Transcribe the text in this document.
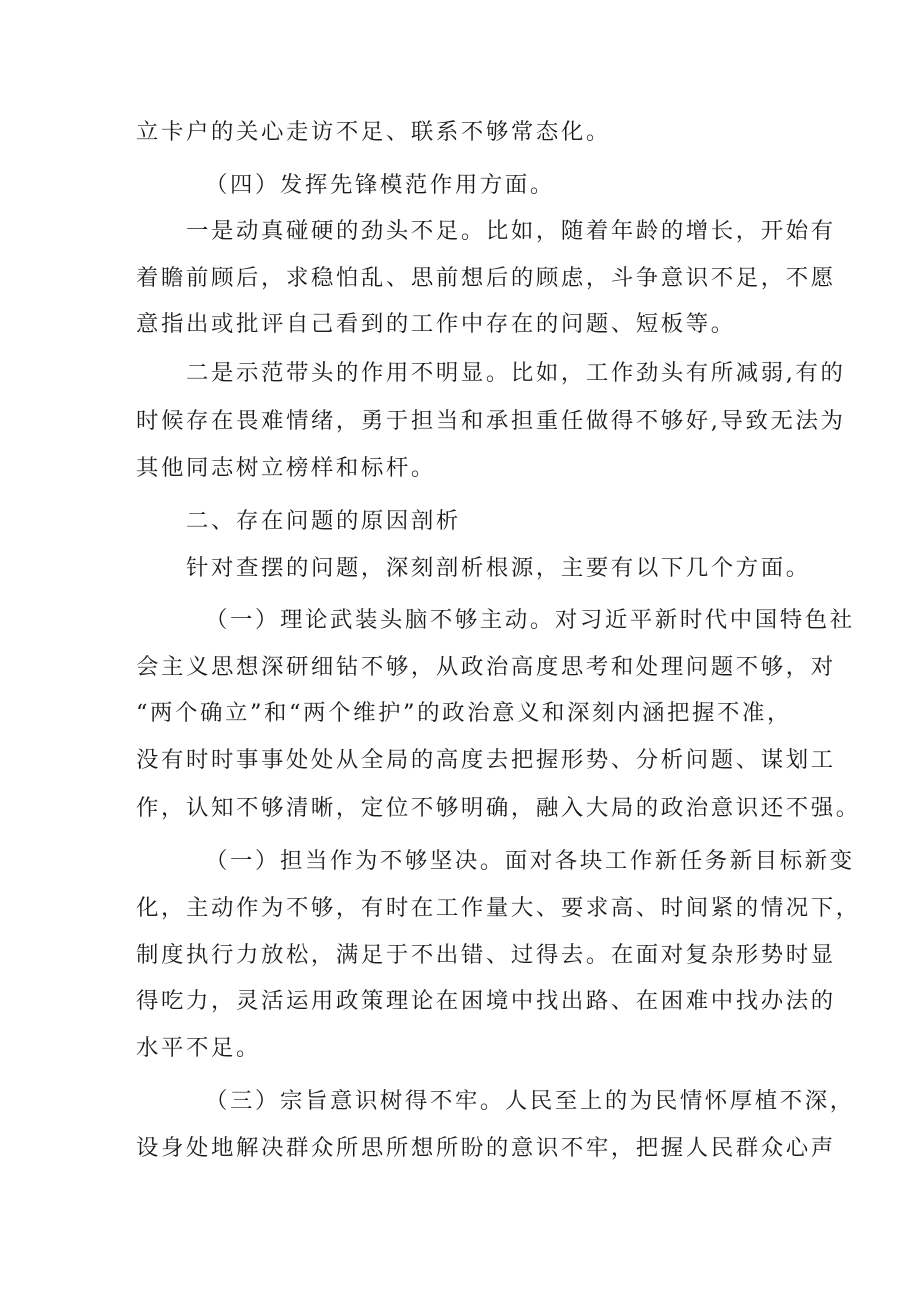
立卡户的关心走访不足、联系不够常态化。
（四）发挥先锋模范作用方面。
一是动真碰硬的劲头不足。比如，随着年龄的增长，开始有
着瞻前顾后，求稳怕乱、思前想后的顾虑，斗争意识不足，不愿
意指出或批评自己看到的工作中存在的问题、短板等。
二是示范带头的作用不明显。比如，工作劲头有所减弱,有的
时候存在畏难情绪，勇于担当和承担重任做得不够好,导致无法为
其他同志树立榜样和标杆。
二、存在问题的原因剖析
针对查摆的问题，深刻剖析根源，主要有以下几个方面。
（一）理论武装头脑不够主动。对习近平新时代中国特色社
会主义思想深研细钻不够，从政治高度思考和处理问题不够，对
“两个确立”和“两个维护”的政治意义和深刻内涵把握不准，
没有时时事事处处从全局的高度去把握形势、分析问题、谋划工
作，认知不够清晰，定位不够明确，融入大局的政治意识还不强。
（一）担当作为不够坚决。面对各块工作新任务新目标新变
化，主动作为不够，有时在工作量大、要求高、时间紧的情况下，
制度执行力放松，满足于不出错、过得去。在面对复杂形势时显
得吃力，灵活运用政策理论在困境中找出路、在困难中找办法的
水平不足。
（三）宗旨意识树得不牢。人民至上的为民情怀厚植不深，
设身处地解决群众所思所想所盼的意识不牢，把握人民群众心声
